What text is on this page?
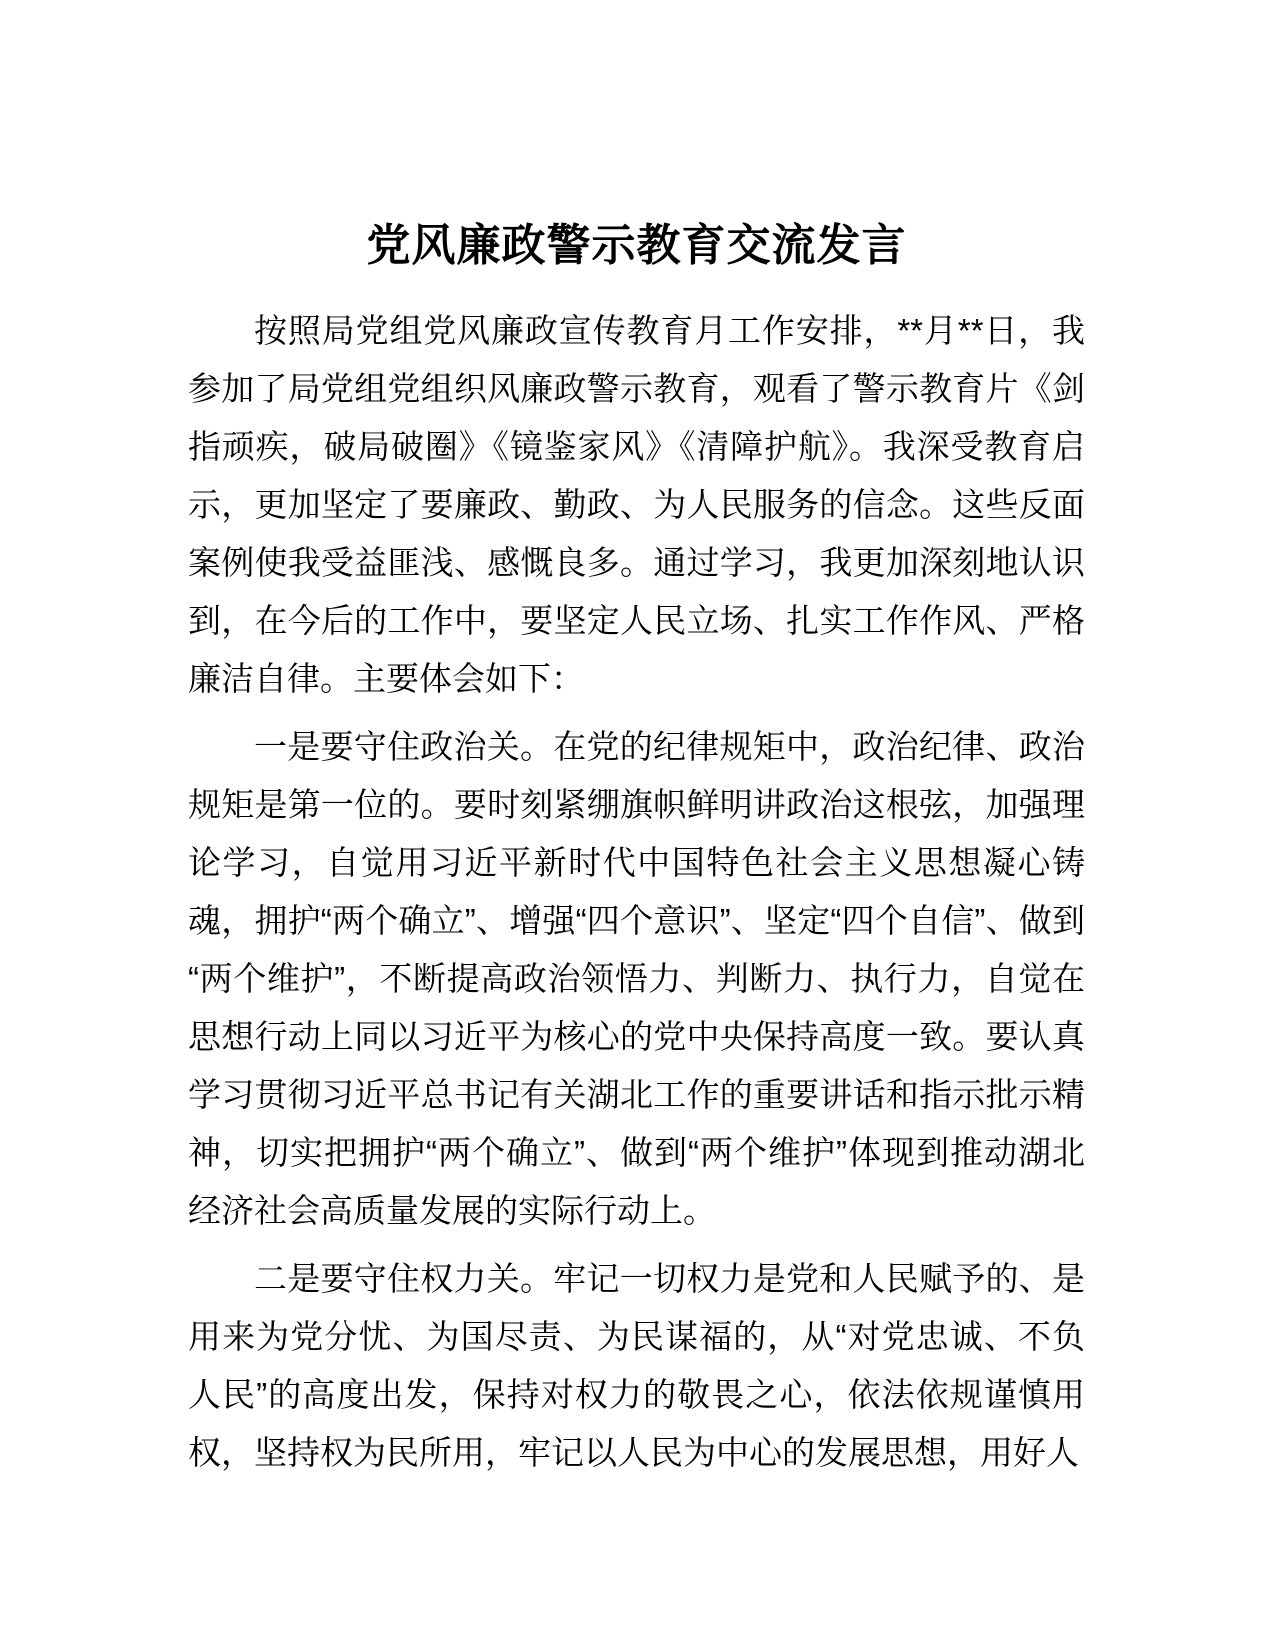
党风廉政警示教育交流发言

按照局党组党风廉政宣传教育月工作安排，**月**日，我参加了局党组党组织风廉政警示教育，观看了警示教育片《剑指顽疾，破局破圈》《镜鉴家风》《清障护航》。我深受教育启示，更加坚定了要廉政、勤政、为人民服务的信念。这些反面案例使我受益匪浅、感慨良多。通过学习，我更加深刻地认识到，在今后的工作中，要坚定人民立场、扎实工作作风、严格廉洁自律。主要体会如下：

一是要守住政治关。在党的纪律规矩中，政治纪律、政治规矩是第一位的。要时刻紧绷旗帜鲜明讲政治这根弦，加强理论学习，自觉用习近平新时代中国特色社会主义思想凝心铸魂，拥护“两个确立”、增强“四个意识”、坚定“四个自信”、做到“两个维护”，不断提高政治领悟力、判断力、执行力，自觉在思想行动上同以习近平为核心的党中央保持高度一致。要认真学习贯彻习近平总书记有关湖北工作的重要讲话和指示批示精神，切实把拥护“两个确立”、做到“两个维护”体现到推动湖北经济社会高质量发展的实际行动上。

二是要守住权力关。牢记一切权力是党和人民赋予的、是用来为党分忧、为国尽责、为民谋福的，从“对党忠诚、不负人民”的高度出发，保持对权力的敬畏之心，依法依规谨慎用权，坚持权为民所用，牢记以人民为中心的发展思想，用好人
